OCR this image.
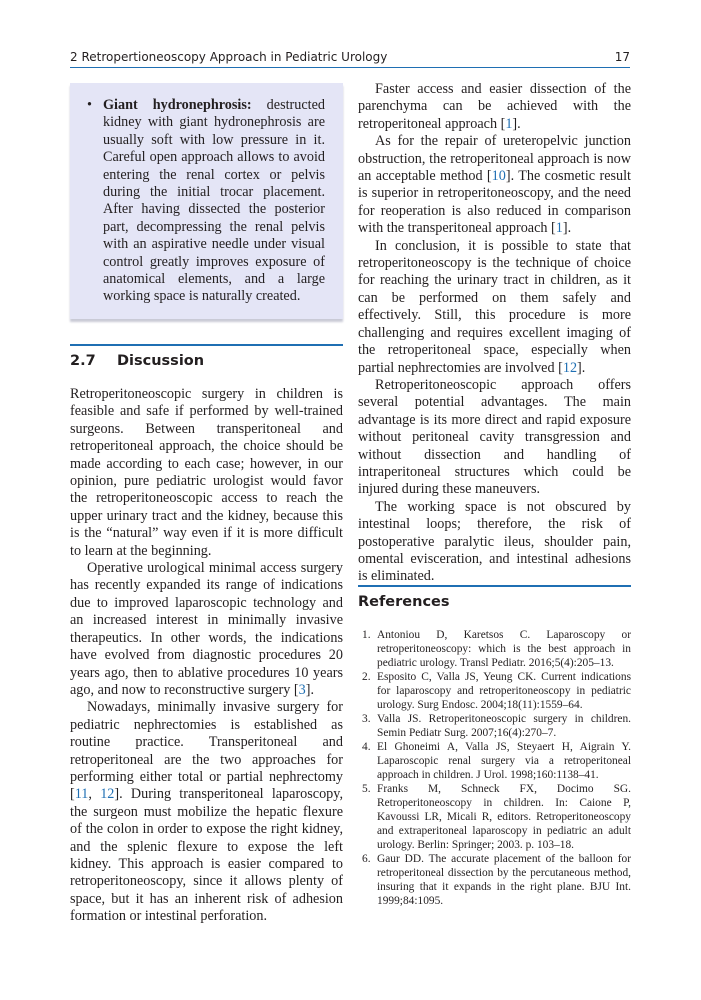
2 Retropertioneoscopy Approach in Pediatric Urology	17
• Giant hydronephrosis: destructed kidney with giant hydronephrosis are usually soft with low pressure in it. Careful open approach allows to avoid entering the renal cortex or pelvis during the initial trocar placement. After having dissected the posterior part, decompressing the renal pelvis with an aspirative needle under visual control greatly improves exposure of anatomical elements, and a large working space is naturally created.
2.7 Discussion

Retroperitoneoscopic surgery in children is feasible and safe if performed by well-trained surgeons. Between transperitoneal and retroperitoneal approach, the choice should be made according to each case; however, in our opinion, pure pediatric urologist would favor the retroperitoneoscopic access to reach the upper urinary tract and the kidney, because this is the “natural” way even if it is more difficult to learn at the beginning.

Operative urological minimal access surgery has recently expanded its range of indications due to improved laparoscopic technology and an increased interest in minimally invasive therapeutics. In other words, the indications have evolved from diagnostic procedures 20 years ago, then to ablative procedures 10 years ago, and now to reconstructive surgery [3].

Nowadays, minimally invasive surgery for pediatric nephrectomies is established as routine practice. Transperitoneal and retroperitoneal are the two approaches for performing either total or partial nephrectomy [11, 12]. During transperitoneal laparoscopy, the surgeon must mobilize the hepatic flexure of the colon in order to expose the right kidney, and the splenic flexure to expose the left kidney. This approach is easier compared to retroperitoneoscopy, since it allows plenty of space, but it has an inherent risk of adhesion formation or intestinal perforation.

Faster access and easier dissection of the parenchyma can be achieved with the retroperitoneal approach [1].

As for the repair of ureteropelvic junction obstruction, the retroperitoneal approach is now an acceptable method [10]. The cosmetic result is superior in retroperitoneoscopy, and the need for reoperation is also reduced in comparison with the transperitoneal approach [1].

In conclusion, it is possible to state that retroperitoneoscopy is the technique of choice for reaching the urinary tract in children, as it can be performed on them safely and effectively. Still, this procedure is more challenging and requires excellent imaging of the retroperitoneal space, especially when partial nephrectomies are involved [12].

Retroperitoneoscopic approach offers several potential advantages. The main advantage is its more direct and rapid exposure without peritoneal cavity transgression and without dissection and handling of intraperitoneal structures which could be injured during these maneuvers.

The working space is not obscured by intestinal loops; therefore, the risk of postoperative paralytic ileus, shoulder pain, omental evisceration, and intestinal adhesions is eliminated.

References
1. Antoniou D, Karetsos C. Laparoscopy or retroperitoneoscopy: which is the best approach in pediatric urology. Transl Pediatr. 2016;5(4):205–13.
2. Esposito C, Valla JS, Yeung CK. Current indications for laparoscopy and retroperitoneoscopy in pediatric urology. Surg Endosc. 2004;18(11):1559–64.
3. Valla JS. Retroperitoneoscopic surgery in children. Semin Pediatr Surg. 2007;16(4):270–7.
4. El Ghoneimi A, Valla JS, Steyaert H, Aigrain Y. Laparoscopic renal surgery via a retroperitoneal approach in children. J Urol. 1998;160:1138–41.
5. Franks M, Schneck FX, Docimo SG. Retroperitoneoscopy in children. In: Caione P, Kavoussi LR, Micali R, editors. Retroperitoneoscopy and extraperitoneal laparoscopy in pediatric an adult urology. Berlin: Springer; 2003. p. 103–18.
6. Gaur DD. The accurate placement of the balloon for retroperitoneal dissection by the percutaneous method, insuring that it expands in the right plane. BJU Int. 1999;84:1095.
